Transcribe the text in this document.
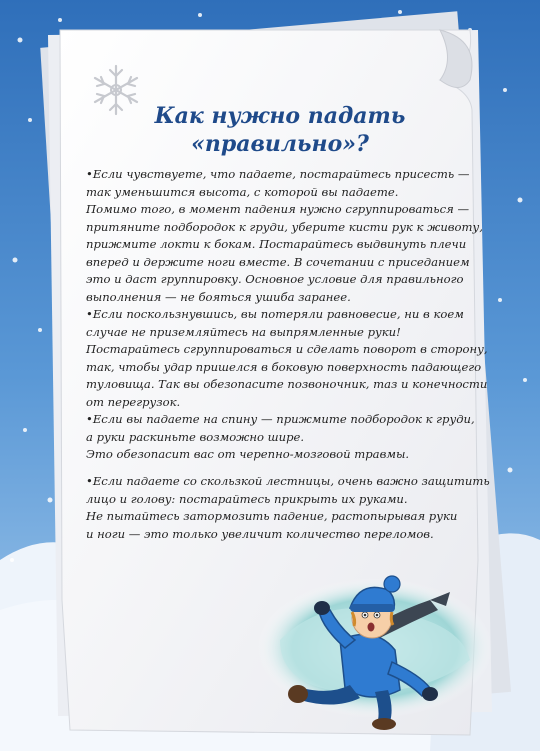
Как нужно падать
«правильно»?

•Если чувствуете, что падаете, постарайтесь присесть —
так уменьшится высота, с которой вы падаете.
Помимо того, в момент падения нужно сгруппироваться —
притяните подбородок к груди, уберите кисти рук к животу,
прижмите локти к бокам. Постарайтесь выдвинуть плечи
вперед и держите ноги вместе. В сочетании с приседанием
это и даст группировку. Основное условие для правильного
выполнения — не бояться ушиба заранее.

•Если поскользнувшись, вы потеряли равновесие, ни в коем
случае не приземляйтесь на выпрямленные руки!
Постарайтесь сгруппироваться и сделать поворот в сторону,
так, чтобы удар пришелся в боковую поверхность падающего
туловища. Так вы обезопасите позвоночник, таз и конечности
от перегрузок.

•Если вы падаете на спину — прижмите подбородок к груди,
а руки раскиньте возможно шире.
Это обезопасит вас от черепно-мозговой травмы.

•Если падаете со скользкой лестницы, очень важно защитить
лицо и голову: постарайтесь прикрыть их руками.
Не пытайтесь затормозить падение, растопырывая руки
и ноги — это только увеличит количество переломов.
